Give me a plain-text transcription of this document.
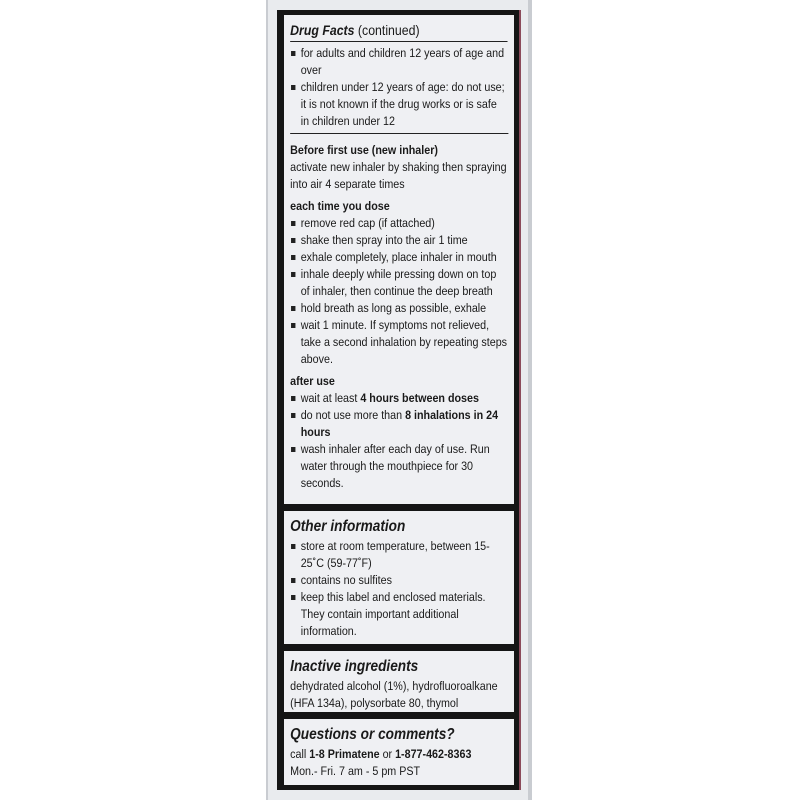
Drug Facts (continued)
for adults and children 12 years of age and over
children under 12 years of age: do not use; it is not known if the drug works or is safe in children under 12
Before first use (new inhaler)
activate new inhaler by shaking then spraying into air 4 separate times
each time you dose
remove red cap (if attached)
shake then spray into the air 1 time
exhale completely, place inhaler in mouth
inhale deeply while pressing down on top of inhaler, then continue the deep breath
hold breath as long as possible, exhale
wait 1 minute. If symptoms not relieved, take a second inhalation by repeating steps above.
after use
wait at least 4 hours between doses
do not use more than 8 inhalations in 24 hours
wash inhaler after each day of use. Run water through the mouthpiece for 30 seconds.
Other information
store at room temperature, between 15-25˚C (59-77˚F)
contains no sulfites
keep this label and enclosed materials. They contain important additional information.
Inactive ingredients
dehydrated alcohol (1%), hydrofluoroalkane (HFA 134a), polysorbate 80, thymol
Questions or comments?
call 1-8 Primatene or 1-877-462-8363
Mon.- Fri. 7 am - 5 pm PST
